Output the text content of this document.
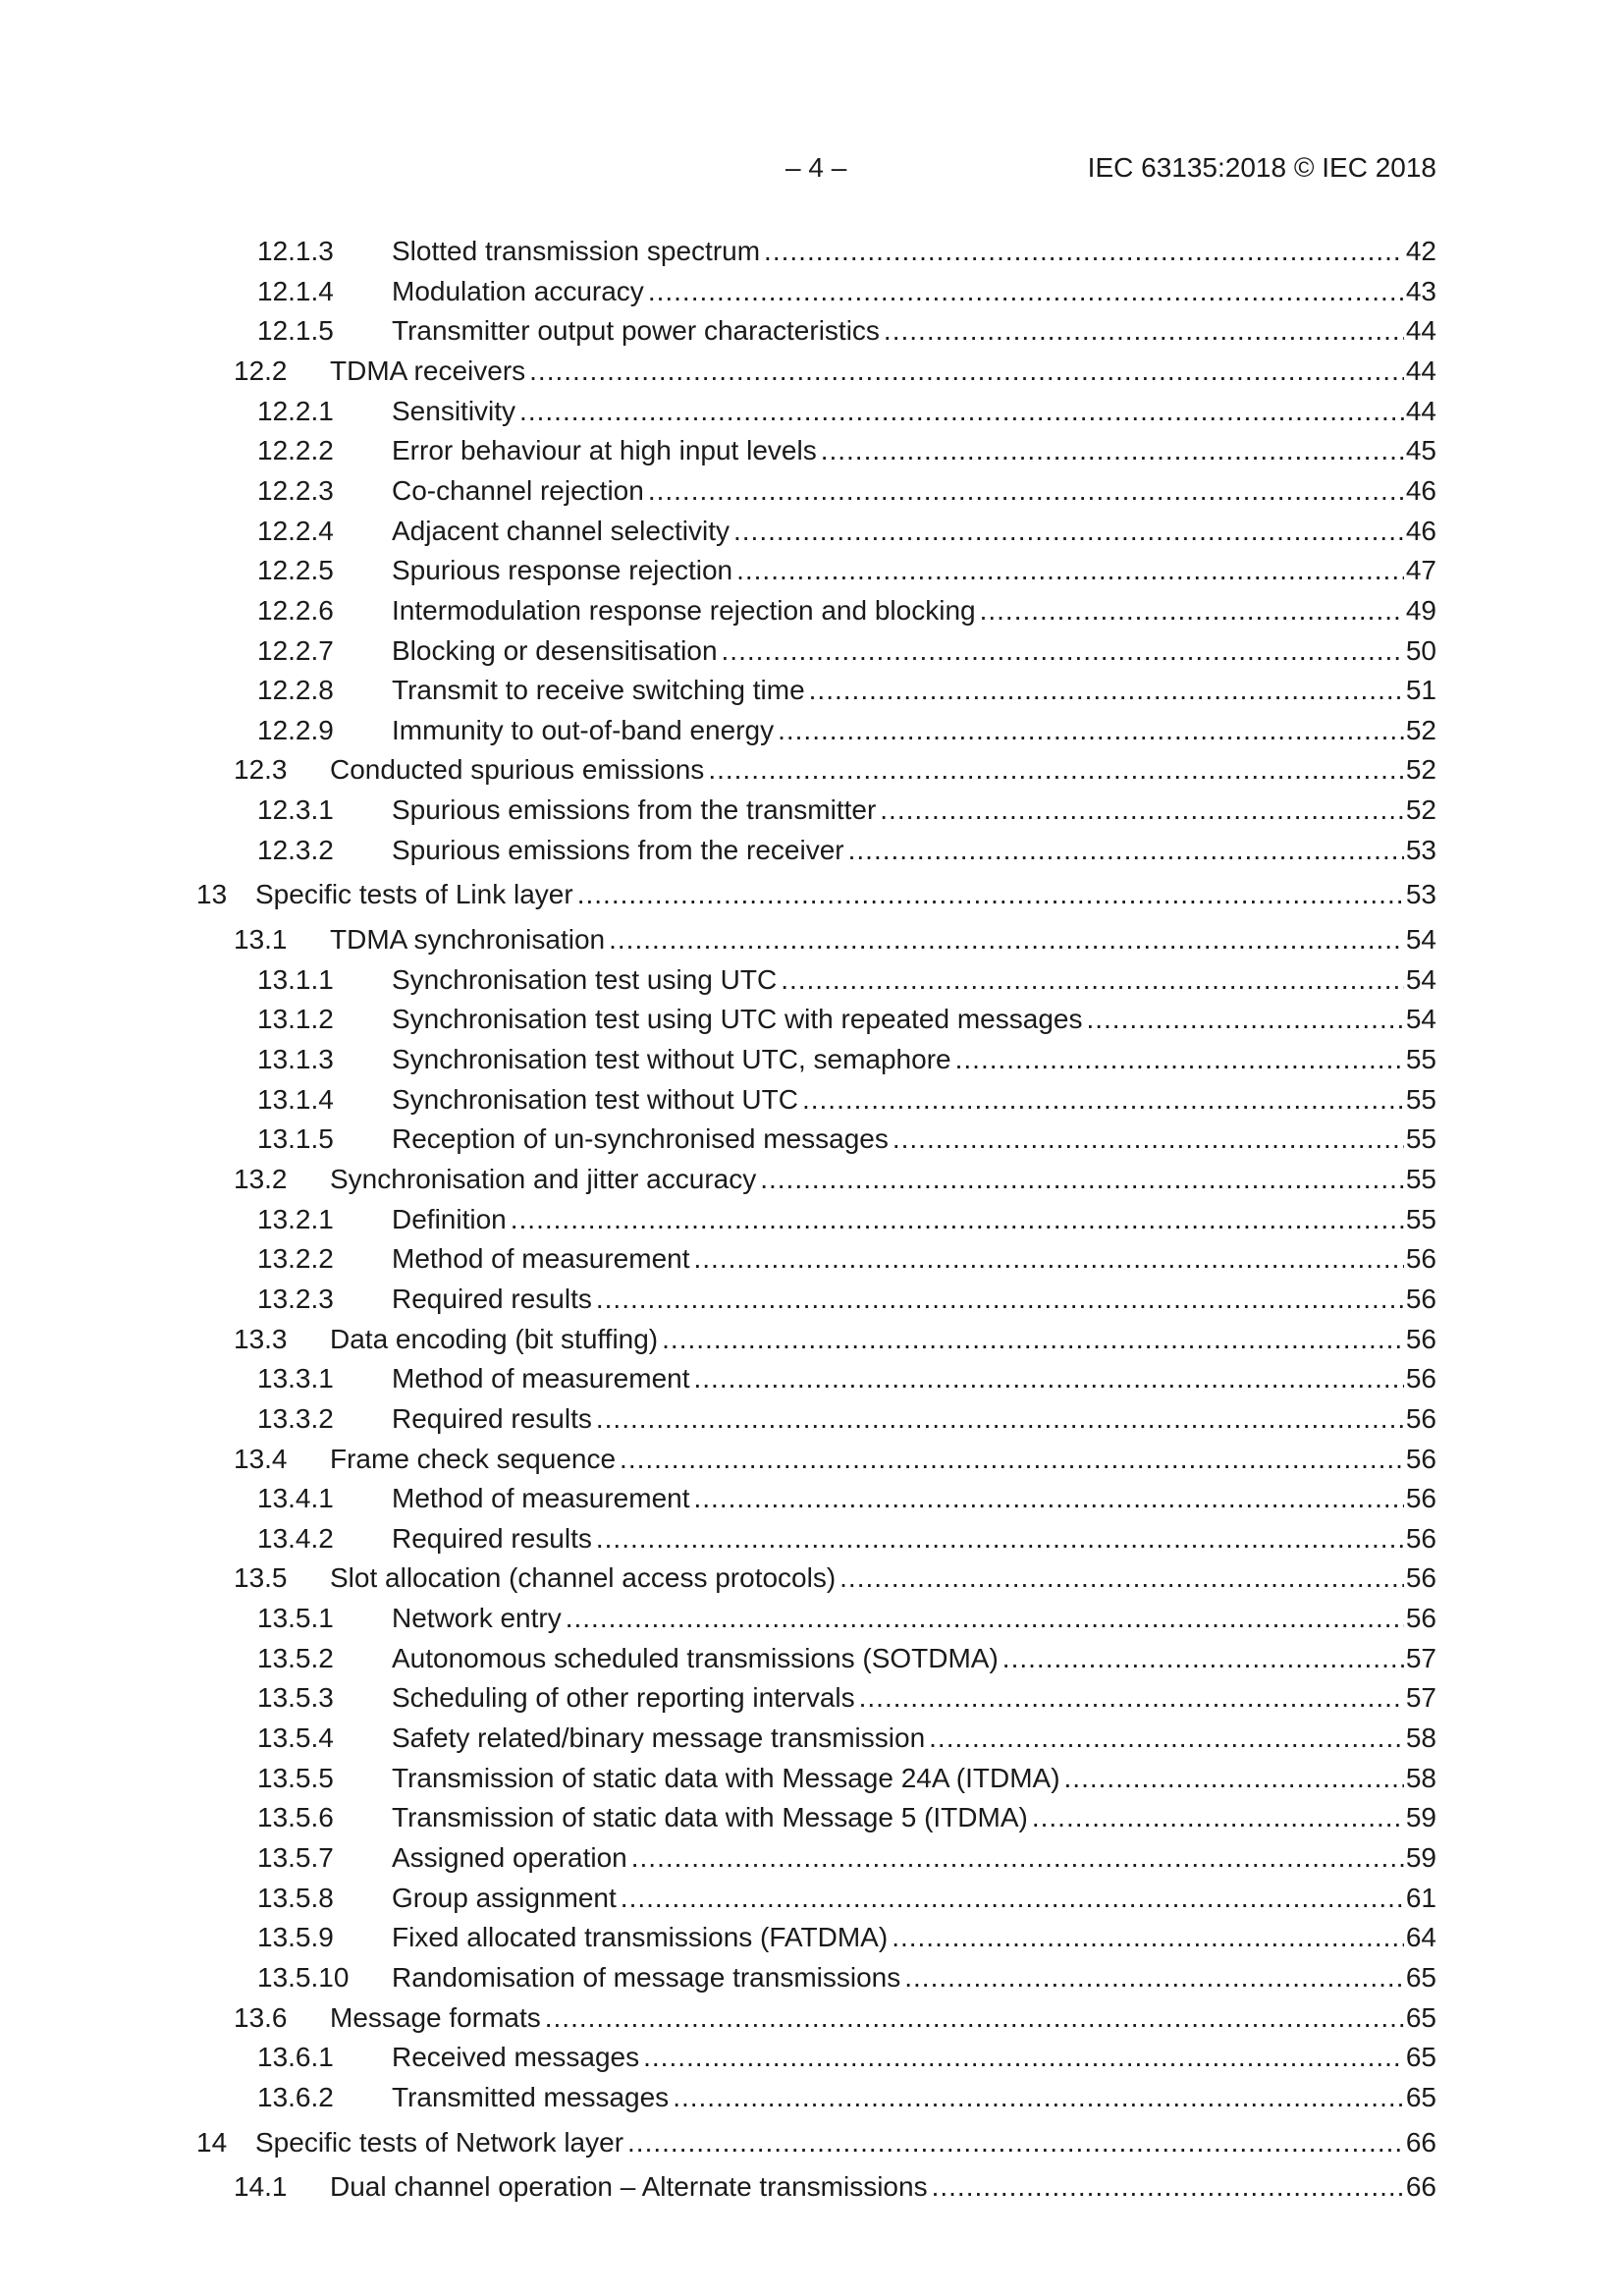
– 4 –	IEC 63135:2018 © IEC 2018
12.1.3 Slotted transmission spectrum .....	42
12.1.4 Modulation accuracy .....	43
12.1.5 Transmitter output power characteristics .....	44
12.2 TDMA receivers .....	44
12.2.1 Sensitivity .....	44
12.2.2 Error behaviour at high input levels .....	45
12.2.3 Co-channel rejection .....	46
12.2.4 Adjacent channel selectivity .....	46
12.2.5 Spurious response rejection .....	47
12.2.6 Intermodulation response rejection and blocking .....	49
12.2.7 Blocking or desensitisation .....	50
12.2.8 Transmit to receive switching time .....	51
12.2.9 Immunity to out-of-band energy .....	52
12.3 Conducted spurious emissions .....	52
12.3.1 Spurious emissions from the transmitter .....	52
12.3.2 Spurious emissions from the receiver .....	53
13 Specific tests of Link layer .....	53
13.1 TDMA synchronisation .....	54
13.1.1 Synchronisation test using UTC .....	54
13.1.2 Synchronisation test using UTC with repeated messages .....	54
13.1.3 Synchronisation test without UTC, semaphore .....	55
13.1.4 Synchronisation test without UTC .....	55
13.1.5 Reception of un-synchronised messages .....	55
13.2 Synchronisation and jitter accuracy .....	55
13.2.1 Definition .....	55
13.2.2 Method of measurement .....	56
13.2.3 Required results .....	56
13.3 Data encoding (bit stuffing) .....	56
13.3.1 Method of measurement .....	56
13.3.2 Required results .....	56
13.4 Frame check sequence .....	56
13.4.1 Method of measurement .....	56
13.4.2 Required results .....	56
13.5 Slot allocation (channel access protocols) .....	56
13.5.1 Network entry .....	56
13.5.2 Autonomous scheduled transmissions (SOTDMA) .....	57
13.5.3 Scheduling of other reporting intervals .....	57
13.5.4 Safety related/binary message transmission .....	58
13.5.5 Transmission of static data with Message 24A (ITDMA) .....	58
13.5.6 Transmission of static data with Message 5 (ITDMA) .....	59
13.5.7 Assigned operation .....	59
13.5.8 Group assignment .....	61
13.5.9 Fixed allocated transmissions (FATDMA) .....	64
13.5.10 Randomisation of message transmissions .....	65
13.6 Message formats .....	65
13.6.1 Received messages .....	65
13.6.2 Transmitted messages .....	65
14 Specific tests of Network layer .....	66
14.1 Dual channel operation – Alternate transmissions .....	66
